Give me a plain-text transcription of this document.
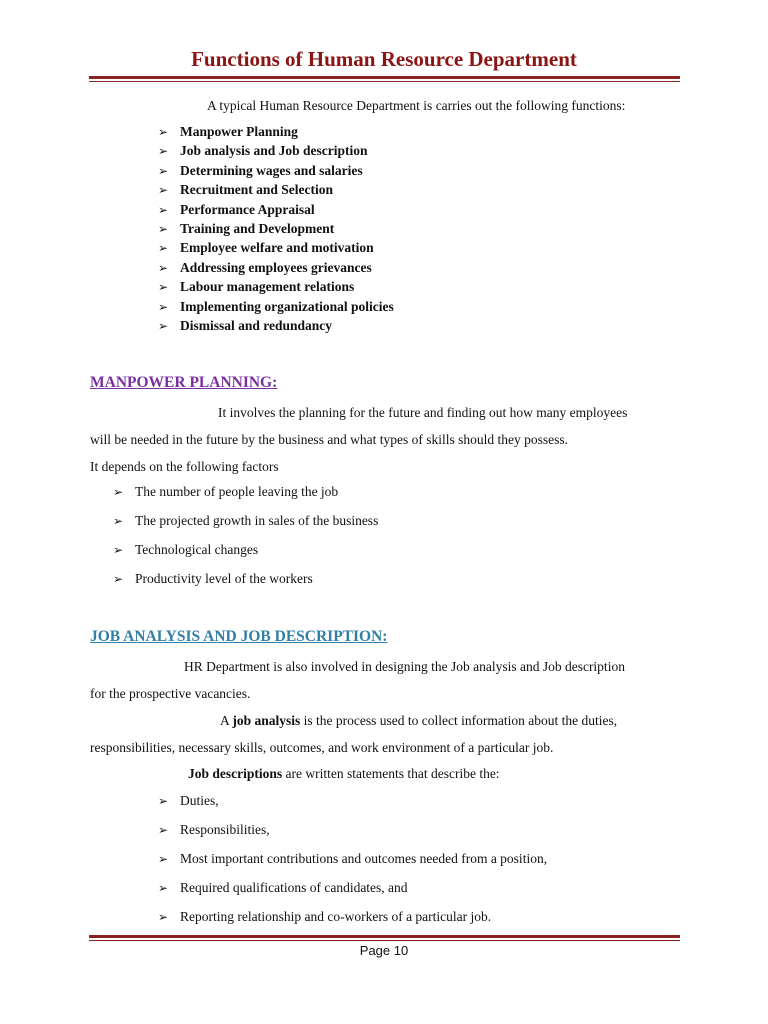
Functions of Human Resource Department
A typical Human Resource Department is carries out the following functions:
➢ Manpower Planning
➢ Job analysis and Job description
➢ Determining wages and salaries
➢ Recruitment and Selection
➢ Performance Appraisal
➢ Training and Development
➢ Employee welfare and motivation
➢ Addressing employees grievances
➢ Labour management relations
➢ Implementing organizational policies
➢ Dismissal and redundancy
MANPOWER PLANNING:
It involves the planning for the future and finding out how many employees
will be needed in the future by the business and what types of skills should they possess.
It depends on the following factors
➢ The number of people leaving the job
➢ The projected growth in sales of the business
➢ Technological changes
➢ Productivity level of the workers
JOB ANALYSIS AND JOB DESCRIPTION:
HR Department is also involved in designing the Job analysis and Job description
for the prospective vacancies.
A job analysis is the process used to collect information about the duties,
responsibilities, necessary skills, outcomes, and work environment of a particular job.
Job descriptions are written statements that describe the:
➢ Duties,
➢ Responsibilities,
➢ Most important contributions and outcomes needed from a position,
➢ Required qualifications of candidates, and
➢ Reporting relationship and co-workers of a particular job.
Page 10
